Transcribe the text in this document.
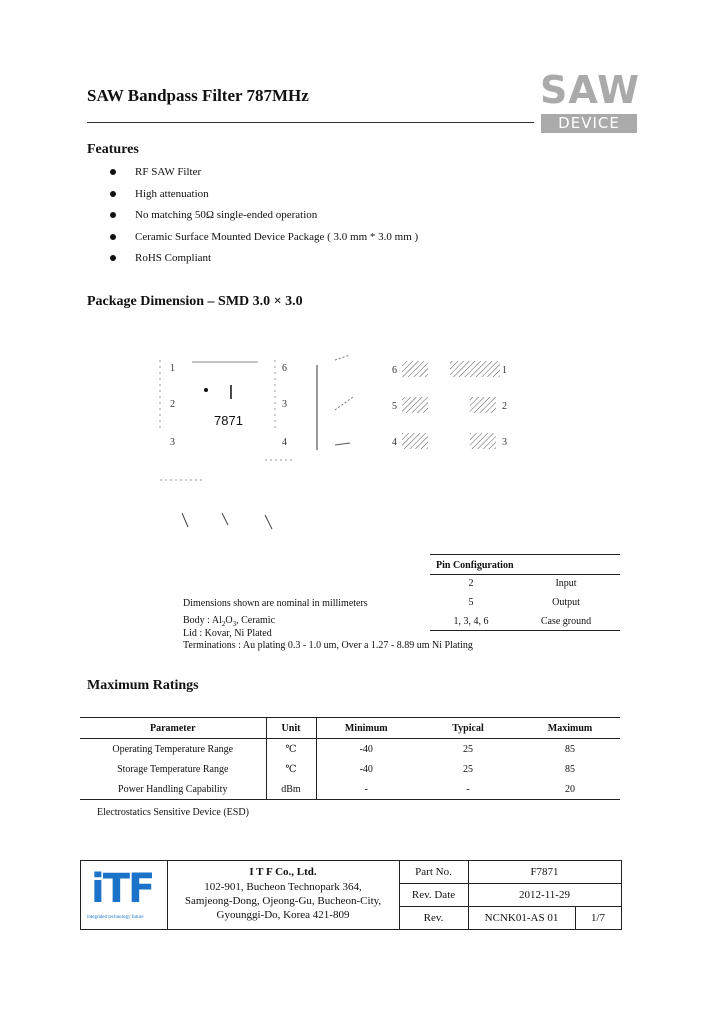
SAW Bandpass Filter 787MHz	SAW
DEVICE
Features
RF SAW Filter
High attenuation
No matching 50Ω single-ended operation
Ceramic Surface Mounted Device Package ( 3.0 mm * 3.0 mm )
RoHS Compliant
Package Dimension – SMD 3.0 × 3.0
7871
1
2
3
6
3
4
6	1
5	2
4	3
Pin Configuration
2	Input
5	Output
1, 3, 4, 6	Case ground
Dimensions shown are nominal in millimeters
Body : $Al_2O_3$, Ceramic
Lid : Kovar, Ni Plated
Terminations : Au plating 0.3 - 1.0 um, Over a 1.27 - 8.89 um Ni Plating
Maximum Ratings
Parameter	Unit	Minimum	Typical	Maximum
Operating Temperature Range	℃	-40	25	85
Storage Temperature Range	℃	-40	25	85
Power Handling Capability	dBm	-	-	20
Electrostatics Sensitive Device (ESD)
iTF
integrated technology future
I T F Co., Ltd.
102-901, Bucheon Technopark 364,
Samjeong-Dong, Ojeong-Gu, Bucheon-City,
Gyounggi-Do, Korea 421-809
Part No.	F7871
Rev. Date	2012-11-29
Rev.	NCNK01-AS 01	1/7
